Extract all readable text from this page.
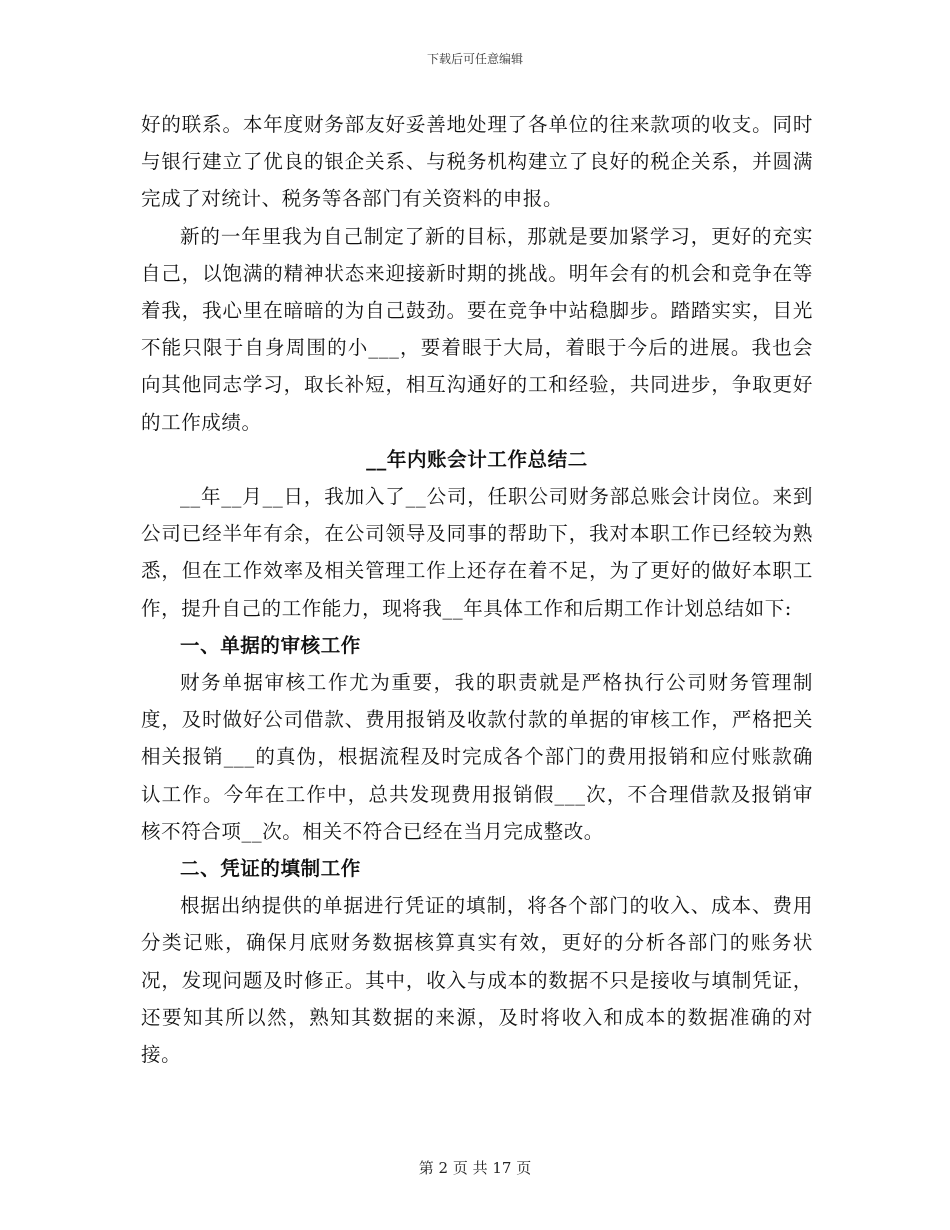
下载后可任意编辑

好的联系。本年度财务部友好妥善地处理了各单位的往来款项的收支。同时与银行建立了优良的银企关系、与税务机构建立了良好的税企关系，并圆满完成了对统计、税务等各部门有关资料的申报。

新的一年里我为自己制定了新的目标，那就是要加紧学习，更好的充实自己，以饱满的精神状态来迎接新时期的挑战。明年会有的机会和竞争在等着我，我心里在暗暗的为自己鼓劲。要在竞争中站稳脚步。踏踏实实，目光不能只限于自身周围的小___，要着眼于大局，着眼于今后的进展。我也会向其他同志学习，取长补短，相互沟通好的工和经验，共同进步，争取更好的工作成绩。

__年内账会计工作总结二

__年__月__日，我加入了__公司，任职公司财务部总账会计岗位。来到公司已经半年有余，在公司领导及同事的帮助下，我对本职工作已经较为熟悉，但在工作效率及相关管理工作上还存在着不足，为了更好的做好本职工作，提升自己的工作能力，现将我__年具体工作和后期工作计划总结如下:

一、单据的审核工作

财务单据审核工作尤为重要，我的职责就是严格执行公司财务管理制度，及时做好公司借款、费用报销及收款付款的单据的审核工作，严格把关相关报销___的真伪，根据流程及时完成各个部门的费用报销和应付账款确认工作。今年在工作中，总共发现费用报销假___次，不合理借款及报销审核不符合项__次。相关不符合已经在当月完成整改。

二、凭证的填制工作

根据出纳提供的单据进行凭证的填制，将各个部门的收入、成本、费用分类记账，确保月底财务数据核算真实有效，更好的分析各部门的账务状况，发现问题及时修正。其中，收入与成本的数据不只是接收与填制凭证，还要知其所以然，熟知其数据的来源，及时将收入和成本的数据准确的对接。

第 2 页 共 17 页
